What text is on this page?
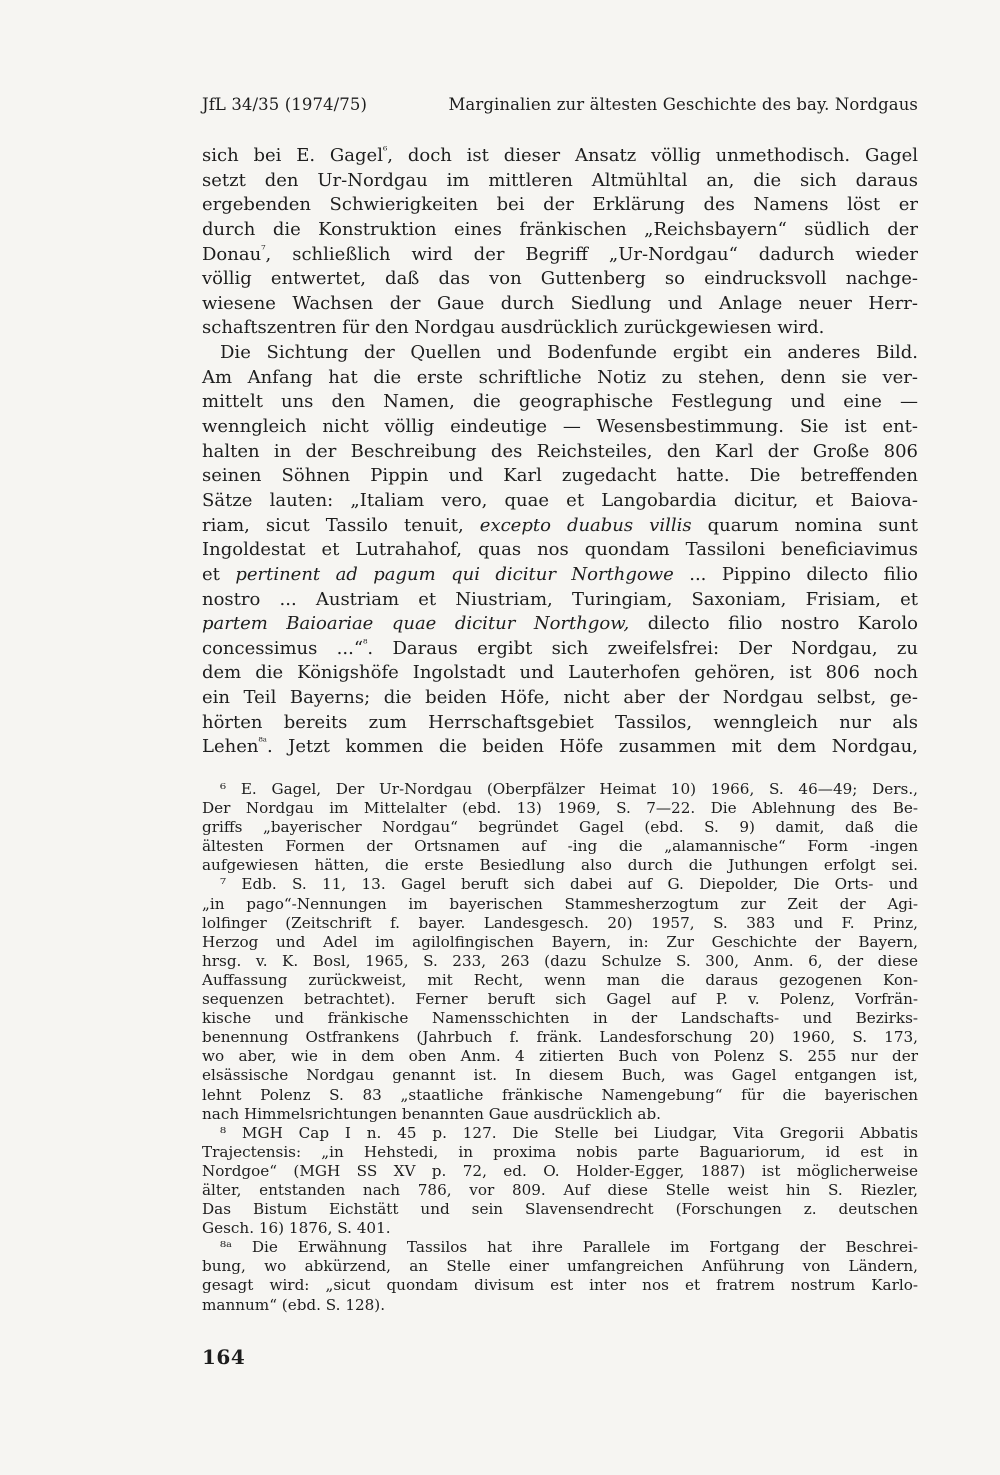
JfL 34/35 (1974/75)	Marginalien zur ältesten Geschichte des bay. Nordgaus
sich bei E. Gagel$^{^6}$, doch ist dieser Ansatz völlig unmethodisch. Gagel
setzt den Ur-Nordgau im mittleren Altmühltal an, die sich daraus
ergebenden Schwierigkeiten bei der Erklärung des Namens löst er
durch die Konstruktion eines fränkischen „Reichsbayern“ südlich der
Donau$^{^7}$, schließlich wird der Begriff „Ur-Nordgau“ dadurch wieder
völlig entwertet, daß das von Guttenberg so eindrucksvoll nachge-
wiesene Wachsen der Gaue durch Siedlung und Anlage neuer Herr-
schaftszentren für den Nordgau ausdrücklich zurückgewiesen wird.
Die Sichtung der Quellen und Bodenfunde ergibt ein anderes Bild.
Am Anfang hat die erste schriftliche Notiz zu stehen, denn sie ver-
mittelt uns den Namen, die geographische Festlegung und eine —
wenngleich nicht völlig eindeutige — Wesensbestimmung. Sie ist ent-
halten in der Beschreibung des Reichsteiles, den Karl der Große 806
seinen Söhnen Pippin und Karl zugedacht hatte. Die betreffenden
Sätze lauten: „Italiam vero, quae et Langobardia dicitur, et Baiova-
riam, sicut Tassilo tenuit, excepto duabus villis quarum nomina sunt
Ingoldestat et Lutrahahof, quas nos quondam Tassiloni beneficiavimus
et pertinent ad pagum qui dicitur Northgowe ... Pippino dilecto filio
nostro ... Austriam et Niustriam, Turingiam, Saxoniam, Frisiam, et
partem Baioariae quae dicitur Northgow, dilecto filio nostro Karolo
concessimus ...“$^{^8}$. Daraus ergibt sich zweifelsfrei: Der Nordgau, zu
dem die Königshöfe Ingolstadt und Lauterhofen gehören, ist 806 noch
ein Teil Bayerns; die beiden Höfe, nicht aber der Nordgau selbst, ge-
hörten bereits zum Herrschaftsgebiet Tassilos, wenngleich nur als
Lehen$^{^8ᵃ}$. Jetzt kommen die beiden Höfe zusammen mit dem Nordgau,
⁶ E. Gagel, Der Ur-Nordgau (Oberpfälzer Heimat 10) 1966, S. 46—49; Ders.,
Der Nordgau im Mittelalter (ebd. 13) 1969, S. 7—22. Die Ablehnung des Be-
griffs „bayerischer Nordgau“ begründet Gagel (ebd. S. 9) damit, daß die
ältesten Formen der Ortsnamen auf -ing die „alamannische“ Form -ingen
aufgewiesen hätten, die erste Besiedlung also durch die Juthungen erfolgt sei.
⁷ Edb. S. 11, 13. Gagel beruft sich dabei auf G. Diepolder, Die Orts- und
„in pago“-Nennungen im bayerischen Stammesherzogtum zur Zeit der Agi-
lolfinger (Zeitschrift f. bayer. Landesgesch. 20) 1957, S. 383 und F. Prinz,
Herzog und Adel im agilolfingischen Bayern, in: Zur Geschichte der Bayern,
hrsg. v. K. Bosl, 1965, S. 233, 263 (dazu Schulze S. 300, Anm. 6, der diese
Auffassung zurückweist, mit Recht, wenn man die daraus gezogenen Kon-
sequenzen betrachtet). Ferner beruft sich Gagel auf P. v. Polenz, Vorfrän-
kische und fränkische Namensschichten in der Landschafts- und Bezirks-
benennung Ostfrankens (Jahrbuch f. fränk. Landesforschung 20) 1960, S. 173,
wo aber, wie in dem oben Anm. 4 zitierten Buch von Polenz S. 255 nur der
elsässische Nordgau genannt ist. In diesem Buch, was Gagel entgangen ist,
lehnt Polenz S. 83 „staatliche fränkische Namengebung“ für die bayerischen
nach Himmelsrichtungen benannten Gaue ausdrücklich ab.
⁸ MGH Cap I n. 45 p. 127. Die Stelle bei Liudgar, Vita Gregorii Abbatis
Trajectensis: „in Hehstedi, in proxima nobis parte Baguariorum, id est in
Nordgoe“ (MGH SS XV p. 72, ed. O. Holder-Egger, 1887) ist möglicherweise
älter, entstanden nach 786, vor 809. Auf diese Stelle weist hin S. Riezler,
Das Bistum Eichstätt und sein Slavensendrecht (Forschungen z. deutschen
Gesch. 16) 1876, S. 401.
⁸ᵃ Die Erwähnung Tassilos hat ihre Parallele im Fortgang der Beschrei-
bung, wo abkürzend, an Stelle einer umfangreichen Anführung von Ländern,
gesagt wird: „sicut quondam divisum est inter nos et fratrem nostrum Karlo-
mannum“ (ebd. S. 128).
164
